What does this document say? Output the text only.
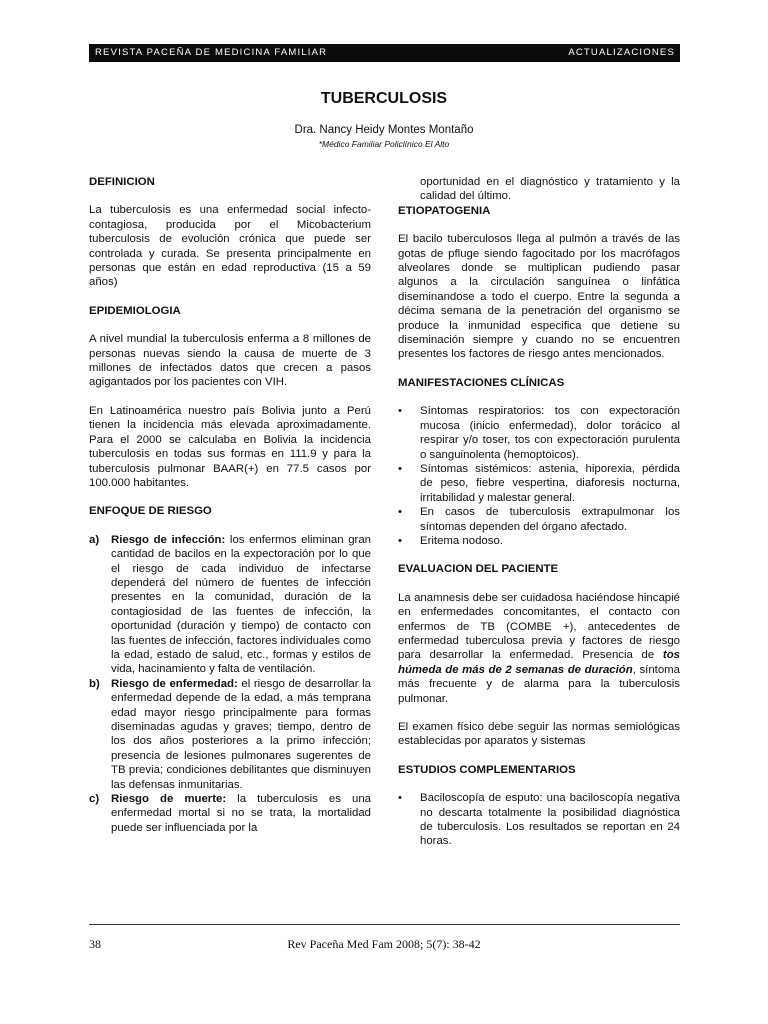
REVISTA PACEÑA DE MEDICINA FAMILIAR	ACTUALIZACIONES
TUBERCULOSIS
Dra. Nancy Heidy Montes Montaño
*Médico Familiar Policlínico El Alto
DEFINICION

La tuberculosis es una enfermedad social infecto-contagiosa, producida por el Micobacterium tuberculosis de evolución crónica que puede ser controlada y curada. Se presenta principalmente en personas que están en edad reproductiva (15 a 59 años)

EPIDEMIOLOGIA

A nivel mundial la tuberculosis enferma a 8 millones de personas nuevas siendo la causa de muerte de 3 millones de infectados datos que crecen a pasos agigantados por los pacientes con VIH.

En Latinoamérica nuestro país Bolivia junto a Perú tienen la incidencia más elevada aproximadamente. Para el 2000 se calculaba en Bolivia la incidencia tuberculosis en todas sus formas en 111.9 y para la tuberculosis pulmonar BAAR(+) en 77.5 casos por 100.000 habitantes.

ENFOQUE DE RIESGO
a)	Riesgo de infección: los enfermos eliminan gran cantidad de bacilos en la expectoración por lo que el riesgo de cada individuo de infectarse dependerá del número de fuentes de infección presentes en la comunidad, duración de la contagiosidad de las fuentes de infección, la oportunidad (duración y tiempo) de contacto con las fuentes de infección, factores individuales como la edad, estado de salud, etc., formas y estilos de vida, hacinamiento y falta de ventilación.

b) Riesgo de enfermedad: el riesgo de desarrollar la enfermedad depende de la edad, a más temprana edad mayor riesgo principalmente para formas diseminadas agudas y graves; tiempo, dentro de los dos años posteriores a la primo infección; presencia de lesiones pulmonares sugerentes de TB previa; condiciones debilitantes que disminuyen las defensas inmunitarias.

c)	Riesgo de muerte: la tuberculosis es una enfermedad mortal si no se trata, la mortalidad puede ser influenciada por la

oportunidad en el diagnóstico y tratamiento y la calidad del último.

ETIOPATOGENIA

El bacilo tuberculosos llega al pulmón a través de las gotas de pfluge siendo fagocitado por los macrófagos alveolares donde se multiplican pudiendo pasar algunos a la circulación sanguínea o linfática diseminandose a todo el cuerpo. Entre la segunda a décima semana de la penetración del organismo se produce la inmunidad especifica que detiene su diseminación siempre y cuando no se encuentren presentes los factores de riesgo antes mencionados.

MANIFESTACIONES CLÍNICAS
•	Síntomas respiratorios: tos con expectoración mucosa (inicio enfermedad), dolor torácico al respirar y/o toser, tos con expectoración purulenta o sanguinolenta (hemoptoicos).

•	Síntomas sistémicos: astenia, hiporexia, pérdida de peso, fiebre vespertina, diaforesis nocturna, irritabilidad y malestar general.

•	En casos de tuberculosis extrapulmonar los síntomas dependen del órgano afectado.

•	Eritema nodoso.

EVALUACION DEL PACIENTE

La anamnesis debe ser cuidadosa haciéndose hincapié en enfermedades concomitantes, el contacto con enfermos de TB (COMBE +), antecedentes de enfermedad tuberculosa previa y factores de riesgo para desarrollar la enfermedad. Presencia de tos húmeda de más de 2 semanas de duración, síntoma más frecuente y de alarma para la tuberculosis pulmonar.

El examen físico debe seguir las normas semiológicas establecidas por aparatos y sistemas

ESTUDIOS COMPLEMENTARIOS
•	Baciloscopía de esputo: una baciloscopía negativa no descarta totalmente la posibilidad diagnóstica de tuberculosis. Los resultados se reportan en 24 horas.

38	Rev Paceña Med Fam 2008; 5(7): 38-42
